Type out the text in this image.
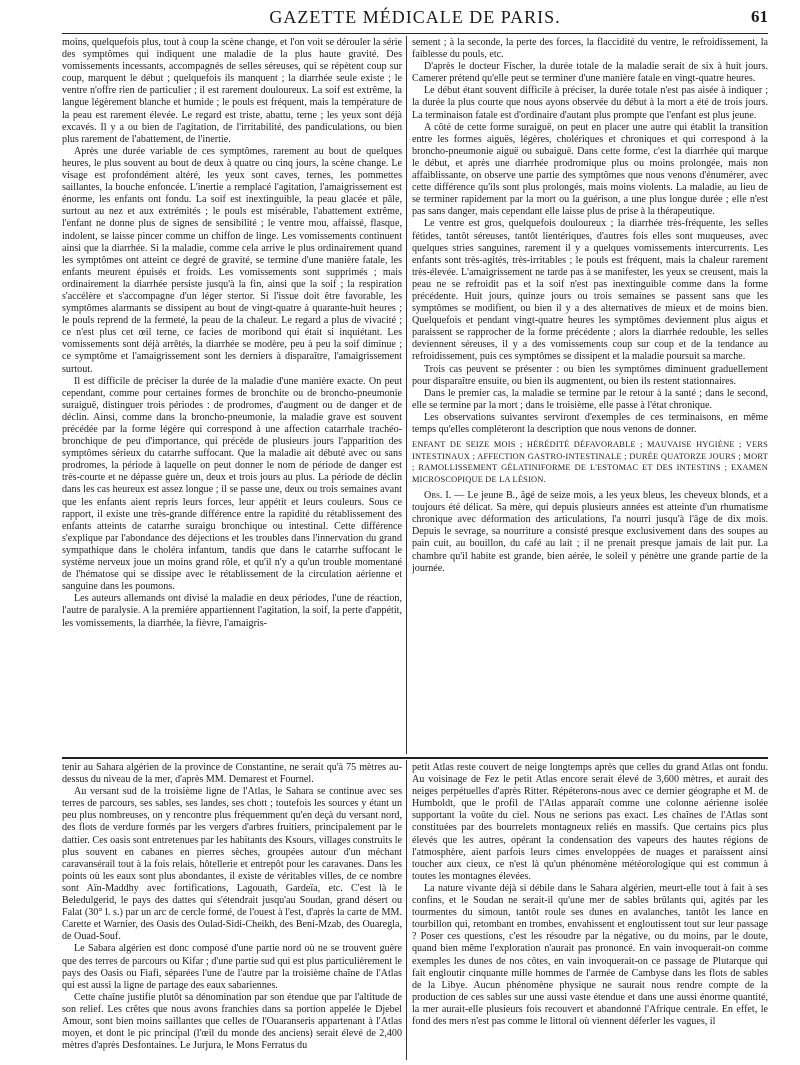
GAZETTE MÉDICALE DE PARIS.	61

moins, quelquefois plus, tout à coup la scène change, et l'on voit se dérouler la série des symptômes qui indiquent une maladie de la plus haute gravité. Des vomissements incessants, accompagnés de selles séreuses, qui se répètent coup sur coup, marquent le début ; quelquefois ils manquent ; la diarrhée seule existe ; le ventre n'offre rien de particulier ; il est rarement douloureux. La soif est extrême, la langue légèrement blanche et humide ; le pouls est fréquent, mais la température de la peau est rarement élevée. Le regard est triste, abattu, terne ; les yeux sont déjà excavés. Il y a ou bien de l'agitation, de l'irritabilité, des pandiculations, ou bien plus rarement de l'abattement, de l'inertie.

Après une durée variable de ces symptômes, rarement au bout de quelques heures, le plus souvent au bout de deux à quatre ou cinq jours, la scène change. Le visage est profondément altéré, les yeux sont caves, ternes, les pommettes saillantes, la bouche enfoncée. L'inertie a remplacé l'agitation, l'amaigrissement est énorme, les enfants ont fondu. La soif est inextinguible, la peau glacée et pâle, surtout au nez et aux extrémités ; le pouls est misérable, l'abattement extrême, l'enfant ne donne plus de signes de sensibilité ; le ventre mou, affaissé, flasque, indolent, se laisse pincer comme un chiffon de linge. Les vomissements continuent ainsi que la diarrhée. Si la maladie, comme cela arrive le plus ordinairement quand les symptômes ont atteint ce degré de gravité, se termine d'une manière fatale, les enfants meurent épuisés et froids. Les vomissements sont supprimés ; mais ordinairement la diarrhée persiste jusqu'à la fin, ainsi que la soif ; la respiration s'accélère et s'accompagne d'un léger stertor. Si l'issue doit être favorable, les symptômes alarmants se dissipent au bout de vingt-quatre à quarante-huit heures ; le pouls reprend de la fermeté, la peau de la chaleur. Le regard a plus de vivacité ; ce n'est plus cet œil terne, ce facies de moribond qui était si inquiétant. Les vomissements sont déjà arrêtés, la diarrhée se modère, peu à peu la soif diminue ; ce symptôme et l'amaigrissement sont les derniers à disparaître, l'amaigrissement surtout.

Il est difficile de préciser la durée de la maladie d'une manière exacte. On peut cependant, comme pour certaines formes de bronchite ou de broncho-pneumonie suraiguë, distinguer trois périodes : de prodromes, d'augment ou de danger et de déclin. Ainsi, comme dans la broncho-pneumonie, la maladie grave est souvent précédée par la forme légère qui correspond à une affection catarrhale trachéo-bronchique de peu d'importance, qui précède de plusieurs jours l'apparition des symptômes sérieux du catarrhe suffocant. Que la maladie ait débuté avec ou sans prodromes, la période à laquelle on peut donner le nom de période de danger est très-courte et ne dépasse guère un, deux et trois jours au plus. La période de déclin dans les cas heureux est assez longue ; il se passe une, deux ou trois semaines avant que les enfants aient repris leurs forces, leur appétit et leurs couleurs. Sous ce rapport, il existe une très-grande différence entre la rapidité du rétablissement des enfants atteints de catarrhe suraigu bronchique ou intestinal. Cette différence s'explique par l'abondance des déjections et les troubles dans l'innervation du grand sympathique dans le choléra infantum, tandis que dans le catarrhe suffocant le système nerveux joue un moins grand rôle, et qu'il n'y a qu'un trouble momentané de l'hématose qui se dissipe avec le rétablissement de la circulation aérienne et sanguine dans les poumons.

Les auteurs allemands ont divisé la maladie en deux périodes, l'une de réaction, l'autre de paralysie. A la première appartiennent l'agitation, la soif, la perte d'appétit, les vomissements, la diarrhée, la fièvre, l'amaigris-

sement ; à la seconde, la perte des forces, la flaccidité du ventre, le refroidissement, la faiblesse du pouls, etc.

D'après le docteur Fischer, la durée totale de la maladie serait de six à huit jours. Camerer prétend qu'elle peut se terminer d'une manière fatale en vingt-quatre heures.

Le début étant souvent difficile à préciser, la durée totale n'est pas aisée à indiquer ; la durée la plus courte que nous ayons observée du début à la mort a été de trois jours. La terminaison fatale est d'ordinaire d'autant plus prompte que l'enfant est plus jeune.

A côté de cette forme suraiguë, on peut en placer une autre qui établit la transition entre les formes aiguës, légères, cholériques et chroniques et qui correspond à la broncho-pneumonie aiguë ou subaiguë. Dans cette forme, c'est la diarrhée qui marque le début, et après une diarrhée prodromique plus ou moins prolongée, mais non affaiblissante, on observe une partie des symptômes que nous venons d'énumérer, avec cette différence qu'ils sont plus prolongés, mais moins violents. La maladie, au lieu de se terminer rapidement par la mort ou la guérison, a une plus longue durée ; elle n'est pas sans danger, mais cependant elle laisse plus de prise à la thérapeutique.

Le ventre est gros, quelquefois douloureux ; la diarrhée très-fréquente, les selles fétides, tantôt séreuses, tantôt lientériques, d'autres fois elles sont muqueuses, avec quelques stries sanguines, rarement il y a quelques vomissements intercurrents. Les enfants sont très-agités, très-irritables ; le pouls est fréquent, mais la chaleur rarement très-élevée. L'amaigrissement ne tarde pas à se manifester, les yeux se creusent, mais la peau ne se refroidit pas et la soif n'est pas inextinguible comme dans la forme précédente. Huit jours, quinze jours ou trois semaines se passent sans que les symptômes se modifient, ou bien il y a des alternatives de mieux et de moins bien. Quelquefois et pendant vingt-quatre heures les symptômes deviennent plus aigus et paraissent se rapprocher de la forme précédente ; alors la diarrhée redouble, les selles deviennent séreuses, il y a des vomissements coup sur coup et de la tendance au refroidissement, puis ces symptômes se dissipent et la maladie poursuit sa marche.

Trois cas peuvent se présenter : ou bien les symptômes diminuent graduellement pour disparaître ensuite, ou bien ils augmentent, ou bien ils restent stationnaires.

Dans le premier cas, la maladie se termine par le retour à la santé ; dans le second, elle se termine par la mort ; dans le troisième, elle passe à l'état chronique.

Les observations suivantes serviront d'exemples de ces terminaisons, en même temps qu'elles compléteront la description que nous venons de donner.

ENFANT DE SEIZE MOIS ; HÉRÉDITÉ DÉFAVORABLE ; MAUVAISE HYGIÈNE ; VERS INTESTINAUX ; AFFECTION GASTRO-INTESTINALE ; DURÉE QUATORZE JOURS ; MORT ; RAMOLLISSEMENT GÉLATINIFORME DE L'ESTOMAC ET DES INTESTINS ; EXAMEN MICROSCOPIQUE DE LA LÉSION.

Obs. I. — Le jeune B., âgé de seize mois, a les yeux bleus, les cheveux blonds, et a toujours été délicat. Sa mère, qui depuis plusieurs années est atteinte d'un rhumatisme chronique avec déformation des articulations, l'a nourri jusqu'à l'âge de dix mois. Depuis le sevrage, sa nourriture a consisté presque exclusivement dans des soupes au pain cuit, au bouillon, du café au lait ; il ne prenait presque jamais de lait pur. La chambre qu'il habite est grande, bien aérée, le soleil y pénètre une grande partie de la journée.

tenir au Sahara algérien de la province de Constantine, ne serait qu'à 75 mètres au-dessus du niveau de la mer, d'après MM. Demarest et Fournel.

Au versant sud de la troisième ligne de l'Atlas, le Sahara se continue avec ses terres de parcours, ses sables, ses landes, ses chott ; toutefois les sources y étant un peu plus nombreuses, on y rencontre plus fréquemment qu'en deçà du versant nord, des flots de verdure formés par les vergers d'arbres fruitiers, principalement par le dattier. Ces oasis sont entretenues par les habitants des Ksours, villages construits le plus souvent en cabanes en pierres sèches, groupées autour d'un méchant caravansérail tout à la fois relais, hôtellerie et entrepôt pour les caravanes. Dans les points où les eaux sont plus abondantes, il existe de véritables villes, de ce nombre sont Aïn-Maddhy avec fortifications, Lagouath, Gardeïa, etc. C'est là le Beledulgerid, le pays des dattes qui s'étendrait jusqu'au Soudan, grand désert ou Falat (30° l. s.) par un arc de cercle formé, de l'ouest à l'est, d'après la carte de MM. Carette et Warnier, des Oasis des Oulad-Sidi-Cheikh, des Beni-Mzab, des Ouaregla, de Ouad-Souf.

Le Sabara algérien est donc composé d'une partie nord où ne se trouvent guère que des terres de parcours ou Kifar ; d'une partie sud qui est plus particulièrement le pays des Oasis ou Fiafi, séparées l'une de l'autre par la troisième chaîne de l'Atlas qui est aussi la ligne de partage des eaux sabariennes.

Cette chaîne justifie plutôt sa dénomination par son étendue que par l'altitude de son relief. Les crêtes que nous avons franchies dans sa portion appelée le Djebel Amour, sont bien moins saillantes que celles de l'Ouaranseris appartenant à l'Atlas moyen, et dont le pic principal (l'œil du monde des anciens) serait élevé de 2,400 mètres d'après Desfontaines. Le Jurjura, le Mons Ferratus du

petit Atlas reste couvert de neige longtemps après que celles du grand Atlas ont fondu. Au voisinage de Fez le petit Atlas encore serait élevé de 3,600 mètres, et aurait des neiges perpétuelles d'après Ritter. Répéterons-nous avec ce dernier géographe et M. de Humboldt, que le profil de l'Atlas apparaît comme une colonne aérienne isolée supportant la voûte du ciel. Nous ne serions pas exact. Les chaînes de l'Atlas sont constituées par des bourrelets montagneux reliés en massifs. Que certains pics plus élevés que les autres, opérant la condensation des vapeurs des hautes régions de l'atmosphère, aient parfois leurs cimes enveloppées de nuages et paraissent ainsi toucher aux cieux, ce n'est là qu'un phénomène météorologique qui est commun à toutes les montagnes élevées.

La nature vivante déjà si débile dans le Sahara algérien, meurt-elle tout à fait à ses confins, et le Soudan ne serait-il qu'une mer de sables brûlants qui, agités par les tourmentes du simoun, tantôt roule ses dunes en avalanches, tantôt les lance en tourbillon qui, retombant en trombes, envahissent et engloutissent tout sur leur passage ? Poser ces questions, c'est les résoudre par la négative, ou du moins, par le doute, quand bien même l'exploration n'aurait pas prononcé. En vain invoquerait-on comme exemples les dunes de nos côtes, en vain invoquerait-on ce passage de Plutarque qui fait engloutir cinquante mille hommes de l'armée de Cambyse dans les flots de sables de la Libye. Aucun phénomène physique ne saurait nous rendre compte de la production de ces sables sur une aussi vaste étendue et dans une aussi énorme quantité, la mer aurait-elle plusieurs fois recouvert et abandonné l'Afrique centrale. En effet, le fond des mers n'est pas comme le littoral où viennent déferler les vagues, il
